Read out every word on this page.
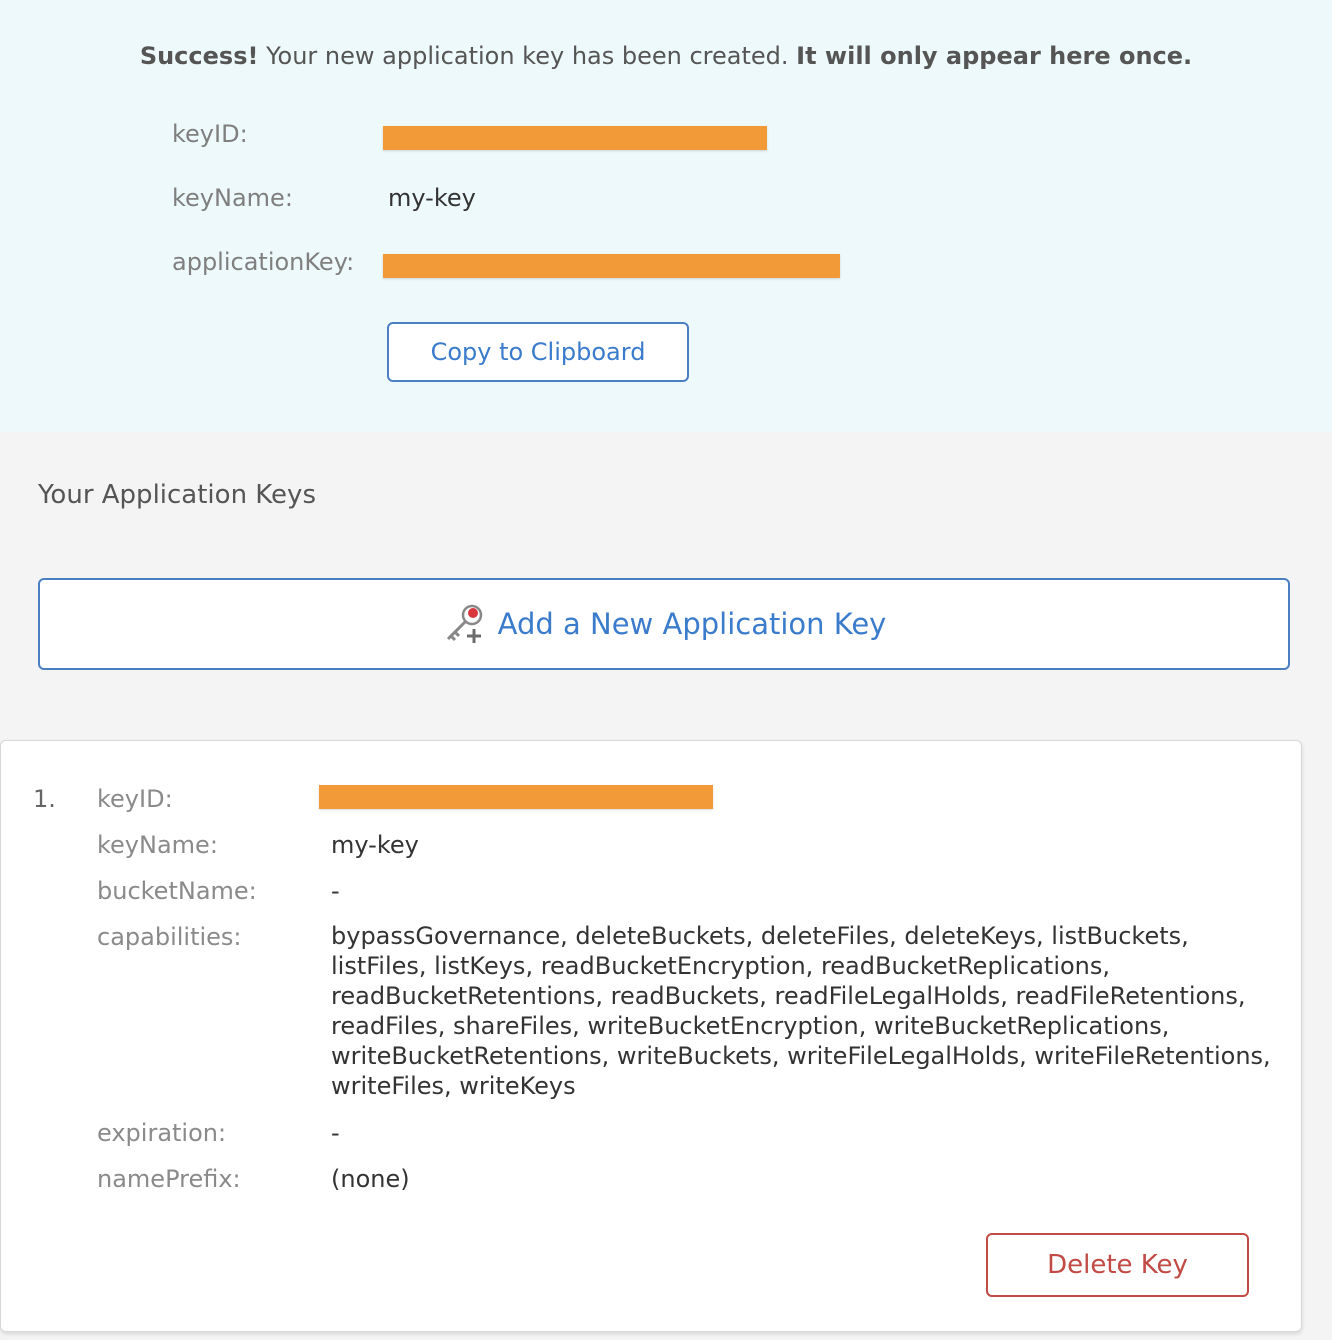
Success! Your new application key has been created. It will only appear here once.
keyID:
keyName:	my-key
applicationKey:
Copy to Clipboard
Your Application Keys
Add a New Application Key
1. keyID:
keyName:	my-key
bucketName:	-
capabilities:	bypassGovernance, deleteBuckets, deleteFiles, deleteKeys, listBuckets, listFiles, listKeys, readBucketEncryption, readBucketReplications, readBucketRetentions, readBuckets, readFileLegalHolds, readFileRetentions, readFiles, shareFiles, writeBucketEncryption, writeBucketReplications, writeBucketRetentions, writeBuckets, writeFileLegalHolds, writeFileRetentions, writeFiles, writeKeys
expiration:	-
namePrefix:	(none)
Delete Key
